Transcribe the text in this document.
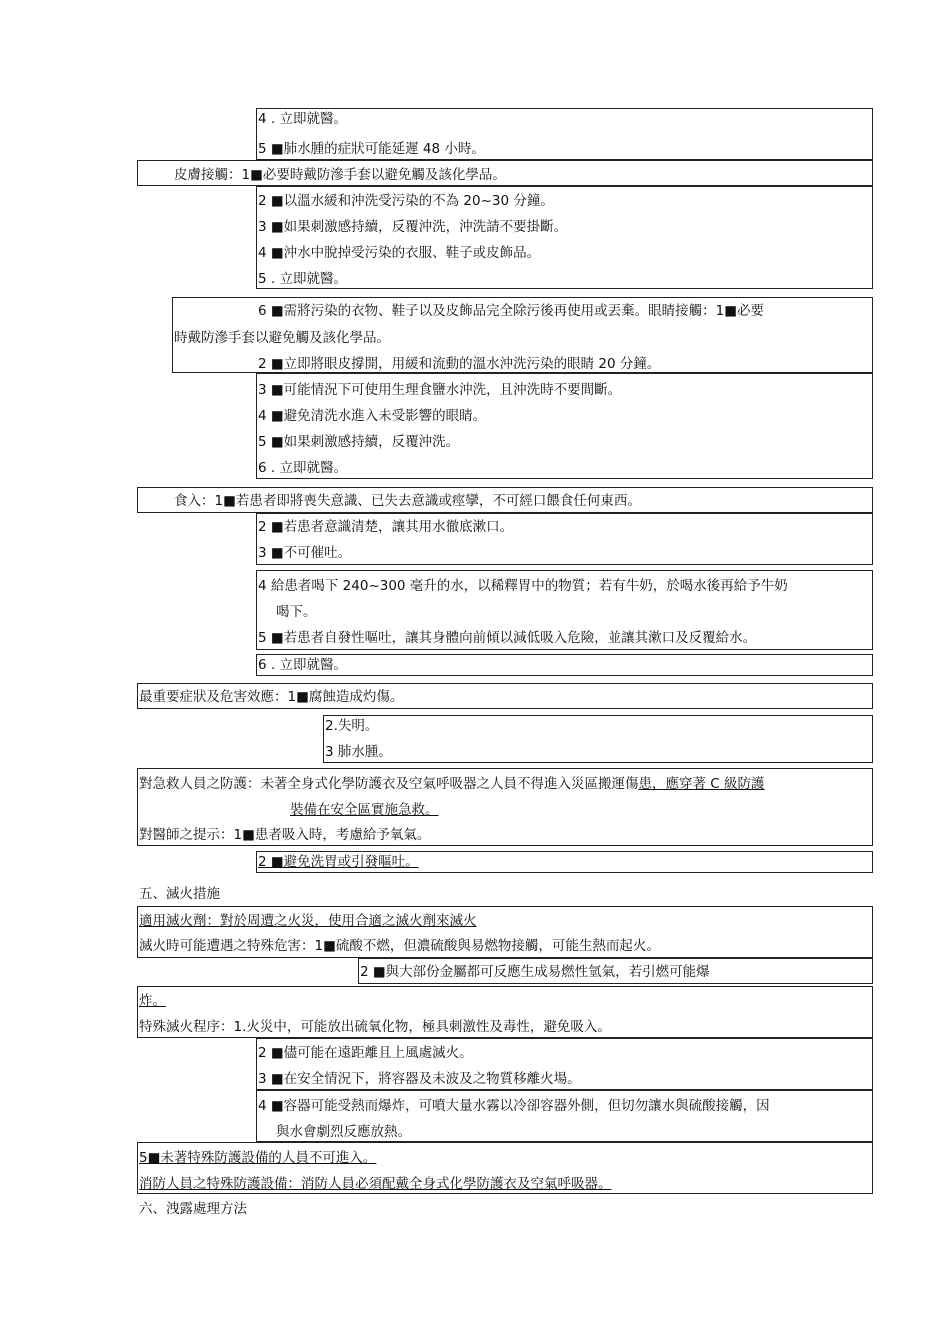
4 . 立即就醫。
5 ■肺水腫的症狀可能延遲 48 小時。
皮膚接觸：1■必要時戴防滲手套以避免觸及該化學品。
2 ■以溫水緩和沖洗受污染的不為 20~30 分鐘。
3 ■如果刺激感持續，反覆沖洗，沖洗請不要掛斷。
4 ■沖水中脫掉受污染的衣服、鞋子或皮飾品。
5 . 立即就醫。
6 ■需將污染的衣物、鞋子以及皮飾品完全除污後再使用或丟棄。眼睛接觸：1■必要
時戴防滲手套以避免觸及該化學品。
2 ■立即將眼皮撐開，用緩和流動的溫水沖洗污染的眼睛 20 分鐘。
3 ■可能情況下可使用生理食鹽水沖洗，且沖洗時不要間斷。
4 ■避免清洗水進入未受影響的眼睛。
5 ■如果刺激感持續，反覆沖洗。
6 . 立即就醫。
食入：1■若患者即將喪失意識、已失去意識或痙攣，不可經口餵食任何東西。
2 ■若患者意識清楚，讓其用水徹底漱口。
3 ■不可催吐。
4 給患者喝下 240~300 毫升的水，以稀釋胃中的物質；若有牛奶，於喝水後再給予牛奶
喝下。
5 ■若患者自發性嘔吐，讓其身體向前傾以減低吸入危險，並讓其漱口及反覆給水。
6 . 立即就醫。
最重要症狀及危害效應：1■腐蝕造成灼傷。
2.失明。
3 肺水腫。
對急救人員之防護：未著全身式化學防護衣及空氣呼吸器之人員不得進入災區搬運傷患，應穿著 C 級防護
裝備在安全區實施急救。
對醫師之提示：1■患者吸入時，考慮給予氧氣。
2 ■避免洗胃或引發嘔吐。
五、滅火措施
適用滅火劑：對於周遭之火災，使用合適之滅火劑來滅火
滅火時可能遭遇之特殊危害：1■硫酸不燃，但濃硫酸與易燃物接觸，可能生熱而起火。
2 ■與大部份金屬都可反應生成易燃性氫氣，若引燃可能爆
炸。
特殊滅火程序：1.火災中，可能放出硫氧化物，極具刺激性及毒性，避免吸入。
2 ■儘可能在遠距離且上風處滅火。
3 ■在安全情況下，將容器及未波及之物質移離火場。
4 ■容器可能受熱而爆炸，可噴大量水霧以冷卻容器外側，但切勿讓水與硫酸接觸，因
與水會劇烈反應放熱。
5■未著特殊防護設備的人員不可進入。
消防人員之特殊防護設備：消防人員必須配戴全身式化學防護衣及空氣呼吸器。
六、洩露處理方法
